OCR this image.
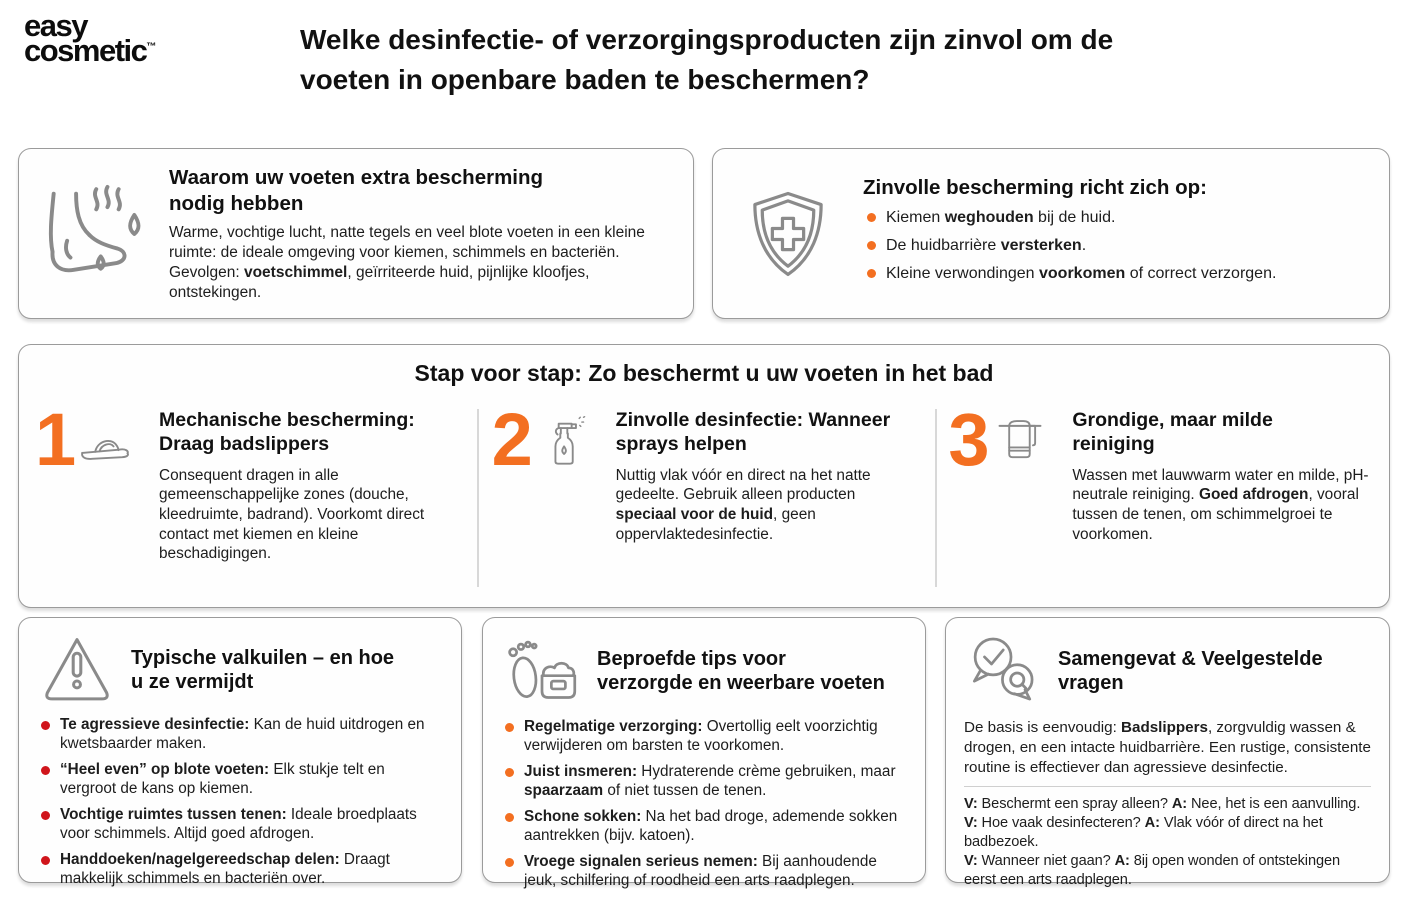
easy
cosmetic™	Welke desinfectie- of verzorgingsproducten zijn zinvol om de voeten in openbare baden te beschermen?
Waarom uw voeten extra bescherming nodig hebben

Warme, vochtige lucht, natte tegels en veel blote voeten in een kleine ruimte: de ideale omgeving voor kiemen, schimmels en bacteriën. Gevolgen: voetschimmel, geïrriteerde huid, pijnlijke kloofjes, ontstekingen.

Zinvolle bescherming richt zich op:
Kiemen weghouden bij de huid.
De huidbarrière versterken.
Kleine verwondingen voorkomen of correct verzorgen.
Stap voor stap: Zo beschermt u uw voeten in het bad
1	Mechanische bescherming: Draag badslippers

Consequent dragen in alle gemeenschappelijke zones (douche, kleedruimte, badrand). Voorkomt direct contact met kiemen en kleine beschadigingen.

2	Zinvolle desinfectie: Wanneer sprays helpen

Nuttig vlak vóór en direct na het natte gedeelte. Gebruik alleen producten speciaal voor de huid, geen oppervlaktedesinfectie.

3	Grondige, maar milde reiniging

Wassen met lauwwarm water en milde, pH-neutrale reiniging. Goed afdrogen, vooral tussen de tenen, om schimmelgroei te voorkomen.

Typische valkuilen – en hoe u ze vermijdt
Te agressieve desinfectie: Kan de huid uitdrogen en kwetsbaarder maken.
“Heel even” op blote voeten: Elk stukje telt en vergroot de kans op kiemen.
Vochtige ruimtes tussen tenen: Ideale broedplaats voor schimmels. Altijd goed afdrogen.
Handdoeken/nagelgereedschap delen: Draagt makkelijk schimmels en bacteriën over.
Beproefde tips voor verzorgde en weerbare voeten
Regelmatige verzorging: Overtollig eelt voorzichtig verwijderen om barsten te voorkomen.
Juist insmeren: Hydraterende crème gebruiken, maar spaarzaam of niet tussen de tenen.
Schone sokken: Na het bad droge, ademende sokken aantrekken (bijv. katoen).
Vroege signalen serieus nemen: Bij aanhoudende jeuk, schilfering of roodheid een arts raadplegen.
Samengevat & Veelgestelde vragen

De basis is eenvoudig: Badslippers, zorgvuldig wassen & drogen, en een intacte huidbarrière. Een rustige, consistente routine is effectiever dan agressieve desinfectie.

V: Beschermt een spray alleen? A: Nee, het is een aanvulling.

V: Hoe vaak desinfecteren? A: Vlak vóór of direct na het badbezoek.

V: Wanneer niet gaan? A: 8ij open wonden of ontstekingen eerst een arts raadplegen.
